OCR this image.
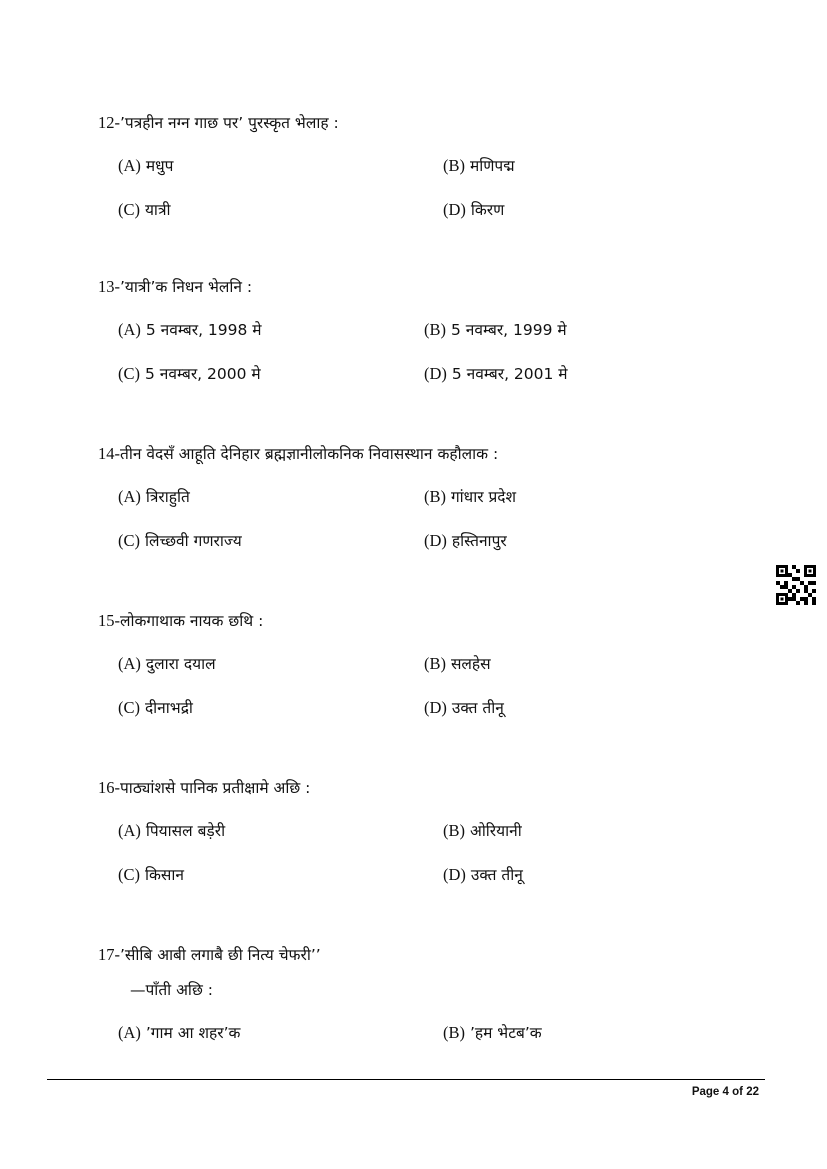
12-ʼपत्रहीन नग्न गाछ परʼ पुरस्कृत भेलाह :
(A) मधुप	(B) मणिपद्म
(C) यात्री	(D) किरण
13-ʼयात्रीʼक निधन भेलनि :
(A) 5 नवम्बर, 1998 मे	(B) 5 नवम्बर, 1999 मे
(C) 5 नवम्बर, 2000 मे	(D) 5 नवम्बर, 2001 मे
14-तीन वेदसँ आहूति देनिहार ब्रह्मज्ञानीलोकनिक निवासस्थान कहौलाक :
(A) त्रिराहुति	(B) गांधार प्रदेश
(C) लिच्छवी गणराज्य	(D) हस्तिनापुर
15-लोकगाथाक नायक छथि :
(A) दुलारा दयाल	(B) सलहेस
(C) दीनाभद्री	(D) उक्त तीनू
16-पाठ्यांशसे पानिक प्रतीक्षामे अछि :
(A) पियासल बड़ेरी	(B) ओरियानी
(C) किसान	(D) उक्त तीनू
17-ʼसीबि आबी लगाबै छी नित्य चेफरीʼʼ
—पाँती अछि :
(A) ʼगाम आ शहरʼक	(B) ʼहम भेटबʼक
Page 4 of 22
